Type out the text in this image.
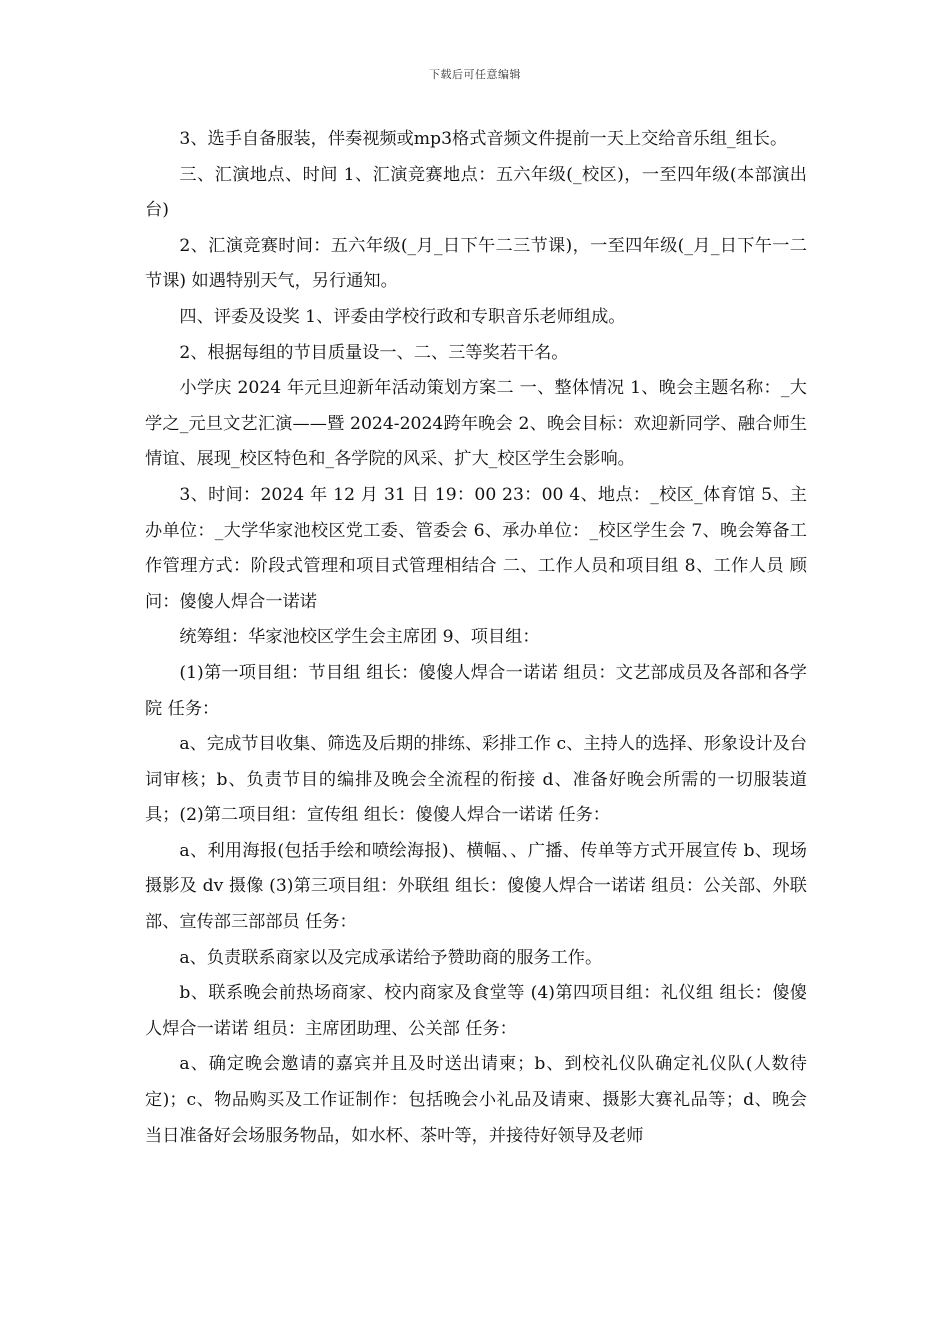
下载后可任意编辑

3、选手自备服装，伴奏视频或mp3格式音频文件提前一天上交给音乐组_组长。

三、汇演地点、时间 1、汇演竞赛地点：五六年级(_校区)，一至四年级(本部演出台)

2、汇演竞赛时间：五六年级(_月_日下午二三节课)，一至四年级(_月_日下午一二节课) 如遇特别天气，另行通知。

四、评委及设奖 1、评委由学校行政和专职音乐老师组成。

2、根据每组的节目质量设一、二、三等奖若干名。

小学庆 2024 年元旦迎新年活动策划方案二 一、整体情况 1、晚会主题名称：_大学之_元旦文艺汇演——暨 2024-2024跨年晚会 2、晚会目标：欢迎新同学、融合师生情谊、展现_校区特色和_各学院的风采、扩大_校区学生会影响。

3、时间：2024 年 12 月 31 日 19：00 23：00 4、地点：_校区_体育馆 5、主办单位：_大学华家池校区党工委、管委会 6、承办单位：_校区学生会 7、晚会筹备工作管理方式：阶段式管理和项目式管理相结合 二、工作人员和项目组 8、工作人员 顾问：傻傻人焊合一诺诺

统筹组：华家池校区学生会主席团 9、项目组：

(1)第一项目组：节目组 组长：傻傻人焊合一诺诺 组员：文艺部成员及各部和各学院 任务：

a、完成节目收集、筛选及后期的排练、彩排工作 c、主持人的选择、形象设计及台词审核；b、负责节目的编排及晚会全流程的衔接 d、准备好晚会所需的一切服装道具；(2)第二项目组：宣传组 组长：傻傻人焊合一诺诺 任务：

a、利用海报(包括手绘和喷绘海报)、横幅、、广播、传单等方式开展宣传 b、现场摄影及 dv 摄像 (3)第三项目组：外联组 组长：傻傻人焊合一诺诺 组员：公关部、外联部、宣传部三部部员 任务：

a、负责联系商家以及完成承诺给予赞助商的服务工作。

b、联系晚会前热场商家、校内商家及食堂等 (4)第四项目组：礼仪组 组长：傻傻人焊合一诺诺 组员：主席团助理、公关部 任务：

a、确定晚会邀请的嘉宾并且及时送出请柬；b、到校礼仪队确定礼仪队(人数待定)；c、物品购买及工作证制作：包括晚会小礼品及请柬、摄影大赛礼品等；d、晚会当日准备好会场服务物品，如水杯、茶叶等，并接待好领导及老师
